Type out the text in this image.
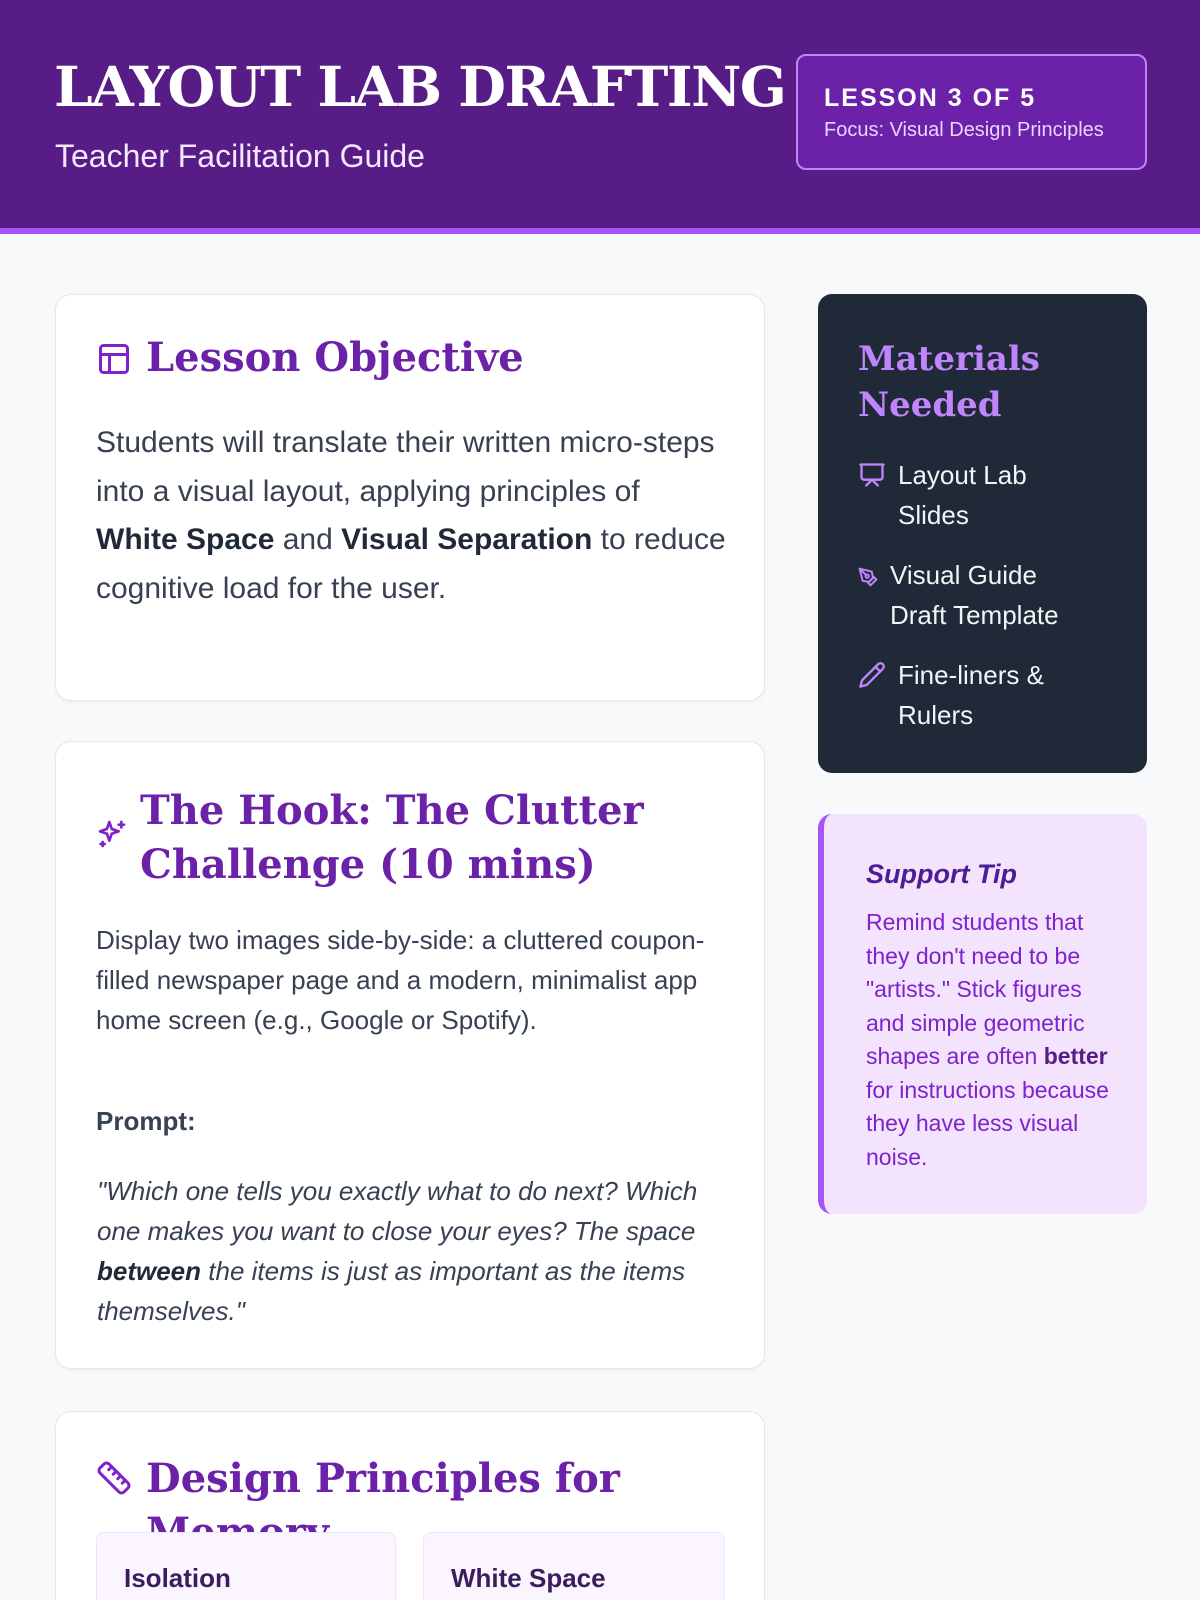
LAYOUT LAB DRAFTING
Teacher Facilitation Guide
LESSON 3 OF 5
Focus: Visual Design Principles
Lesson Objective

Students will translate their written micro-steps into a visual layout, applying principles of White Space and Visual Separation to reduce cognitive load for the user.

The Hook: The Clutter Challenge (10 mins)

Display two images side-by-side: a cluttered coupon-filled newspaper page and a modern, minimalist app home screen (e.g., Google or Spotify).

Prompt:

"Which one tells you exactly what to do next? Which one makes you want to close your eyes? The space between the items is just as important as the items themselves."

Design Principles for
Isolation	White Space
Materials Needed
Layout Lab Slides
Visual Guide Draft Template
Fine-liners & Rulers
Support Tip

Remind students that they don't need to be "artists." Stick figures and simple geometric shapes are often better for instructions because they have less visual noise.
